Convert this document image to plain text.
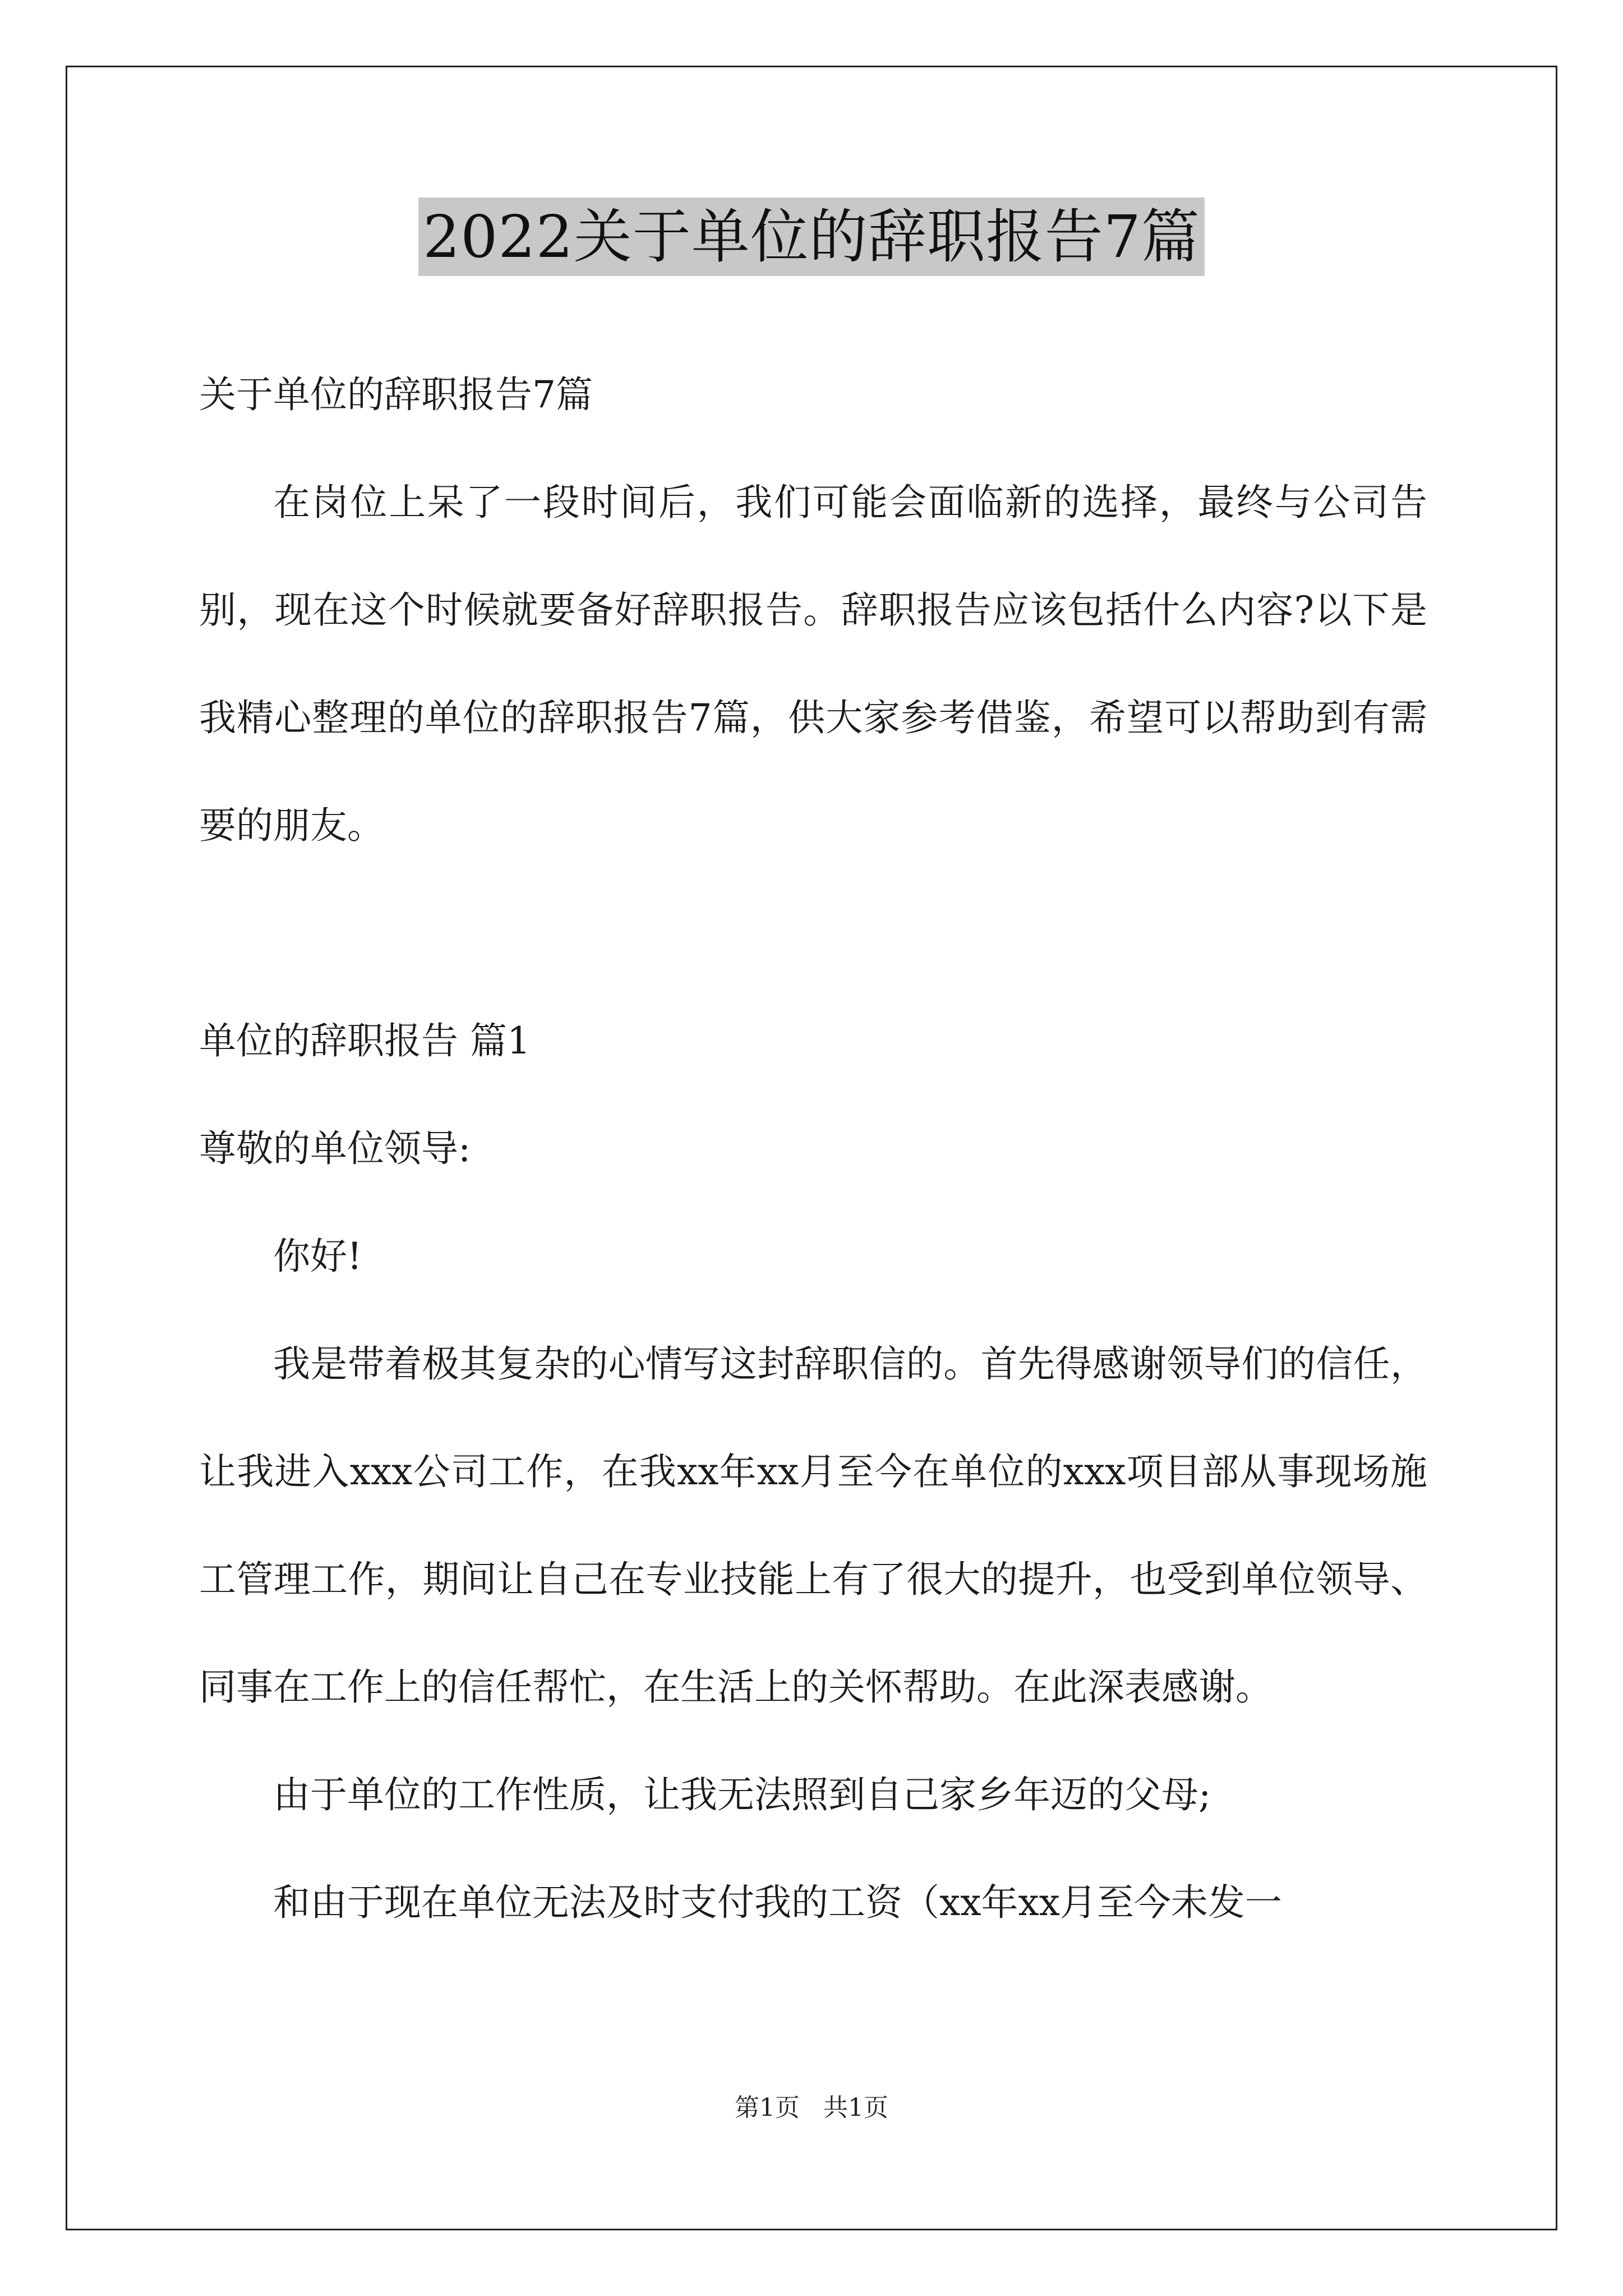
2022关于单位的辞职报告7篇

关于单位的辞职报告7篇

在岗位上呆了一段时间后，我们可能会面临新的选择，最终与公司告别，现在这个时候就要备好辞职报告。辞职报告应该包括什么内容?以下是我精心整理的单位的辞职报告7篇，供大家参考借鉴，希望可以帮助到有需要的朋友。

单位的辞职报告 篇1

尊敬的单位领导:

你好!

我是带着极其复杂的心情写这封辞职信的。首先得感谢领导们的信任，让我进入xxx公司工作，在我xx年xx月至今在单位的xxx项目部从事现场施工管理工作，期间让自己在专业技能上有了很大的提升，也受到单位领导、同事在工作上的信任帮忙，在生活上的关怀帮助。在此深表感谢。

由于单位的工作性质，让我无法照到自己家乡年迈的父母;

和由于现在单位无法及时支付我的工资（xx年xx月至今未发一

第1页 共1页
